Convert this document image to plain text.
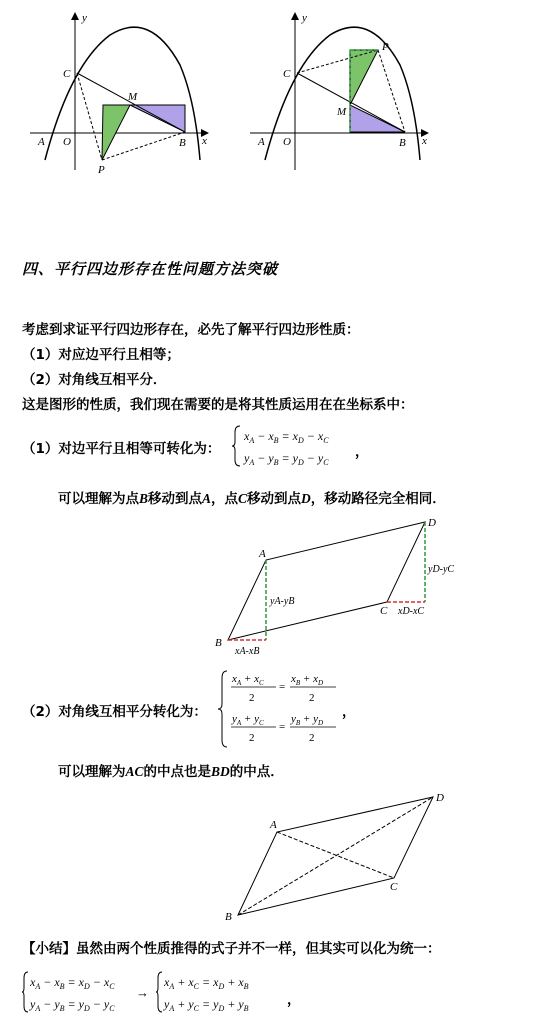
y
C
M
A O	B x
P
y
P
C
M
A O	B x
四、平行四边形存在性问题方法突破
考虑到求证平行四边形存在，必先了解平行四边形性质：
（1）对应边平行且相等；
（2）对角线互相平分．
这是图形的性质，我们现在需要的是将其性质运用在在坐标系中：
（1）对边平行且相等可转化为：
$x_A - x_B = x_D - x_C$
$y_A - y_B = y_D - y_C$
，
可以理解为点B移动到点A，点C移动到点D，移动路径完全相同．
A
B
C
D
yA-yB
xA-xB
yD-yC
xD-xC
（2）对角线互相平分转化为：
$x_A + x_C$
2
=
$x_B + x_D$
2
$y_A + y_C$
2
=
$y_B + y_D$
2
，
可以理解为AC的中点也是BD的中点．
A
B
C
D
【小结】虽然由两个性质推得的式子并不一样，但其实可以化为统一：
$x_A - x_B = x_D - x_C$
$y_A - y_B = y_D - y_C$
→
$x_A + x_C = x_D + x_B$
$y_A + y_C = y_D + y_B$
，
